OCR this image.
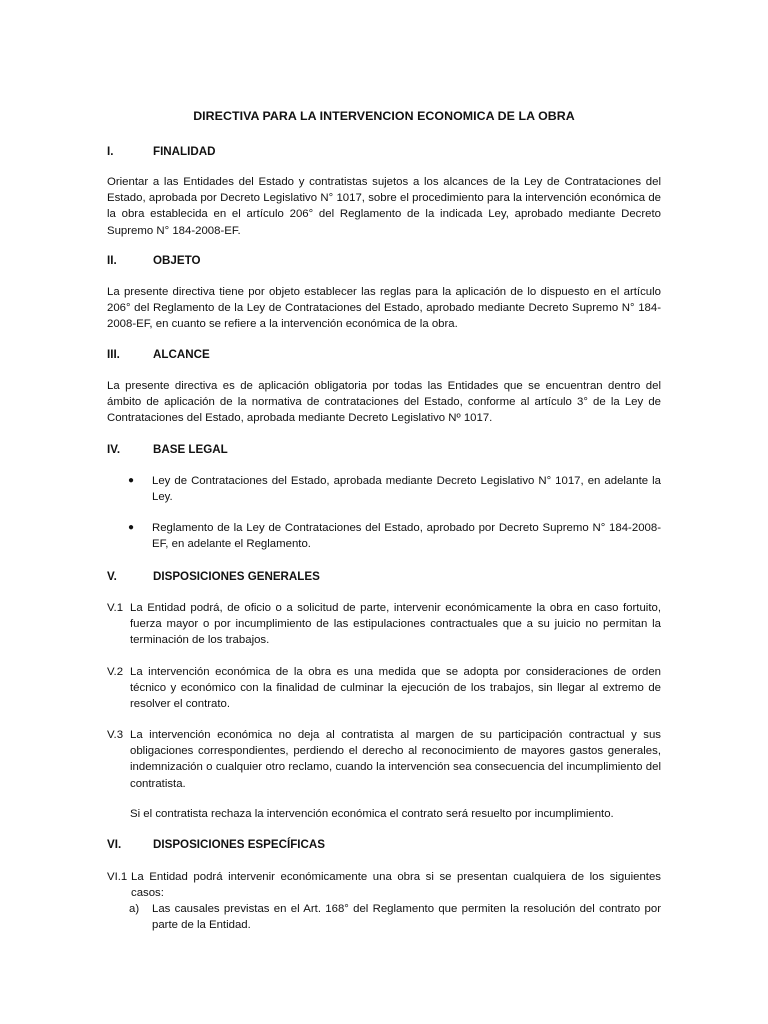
DIRECTIVA PARA LA INTERVENCION ECONOMICA DE LA OBRA
I.	FINALIDAD
Orientar a las Entidades del Estado y contratistas sujetos a los alcances de la Ley de Contrataciones del Estado, aprobada por Decreto Legislativo N° 1017, sobre el procedimiento para la intervención económica de la obra establecida en el artículo 206° del Reglamento de la indicada Ley, aprobado mediante Decreto Supremo N° 184-2008-EF.
II.	OBJETO
La presente directiva tiene por objeto establecer las reglas para la aplicación de lo dispuesto en el artículo 206° del Reglamento de la Ley de Contrataciones del Estado, aprobado mediante Decreto Supremo N° 184-2008-EF, en cuanto se refiere a la intervención económica de la obra.
III.	ALCANCE
La presente directiva es de aplicación obligatoria por todas las Entidades que se encuentran dentro del ámbito de aplicación de la normativa de contrataciones del Estado, conforme al artículo 3° de la Ley de Contrataciones del Estado, aprobada mediante Decreto Legislativo Nº 1017.
IV.	BASE LEGAL
● Ley de Contrataciones del Estado, aprobada mediante Decreto Legislativo N° 1017, en adelante la Ley.
● Reglamento de la Ley de Contrataciones del Estado, aprobado por Decreto Supremo N° 184-2008-EF, en adelante el Reglamento.
V.	DISPOSICIONES GENERALES
V.1 La Entidad podrá, de oficio o a solicitud de parte, intervenir económicamente la obra en caso fortuito, fuerza mayor o por incumplimiento de las estipulaciones contractuales que a su juicio no permitan la terminación de los trabajos.
V.2 La intervención económica de la obra es una medida que se adopta por consideraciones de orden técnico y económico con la finalidad de culminar la ejecución de los trabajos, sin llegar al extremo de resolver el contrato.
V.3 La intervención económica no deja al contratista al margen de su participación contractual y sus obligaciones correspondientes, perdiendo el derecho al reconocimiento de mayores gastos generales, indemnización o cualquier otro reclamo, cuando la intervención sea consecuencia del incumplimiento del contratista.
Si el contratista rechaza la intervención económica el contrato será resuelto por incumplimiento.
VI.	DISPOSICIONES ESPECÍFICAS
VI.1 La Entidad podrá intervenir económicamente una obra si se presentan cualquiera de los siguientes casos:
a) Las causales previstas en el Art. 168° del Reglamento que permiten la resolución del contrato por parte de la Entidad.
